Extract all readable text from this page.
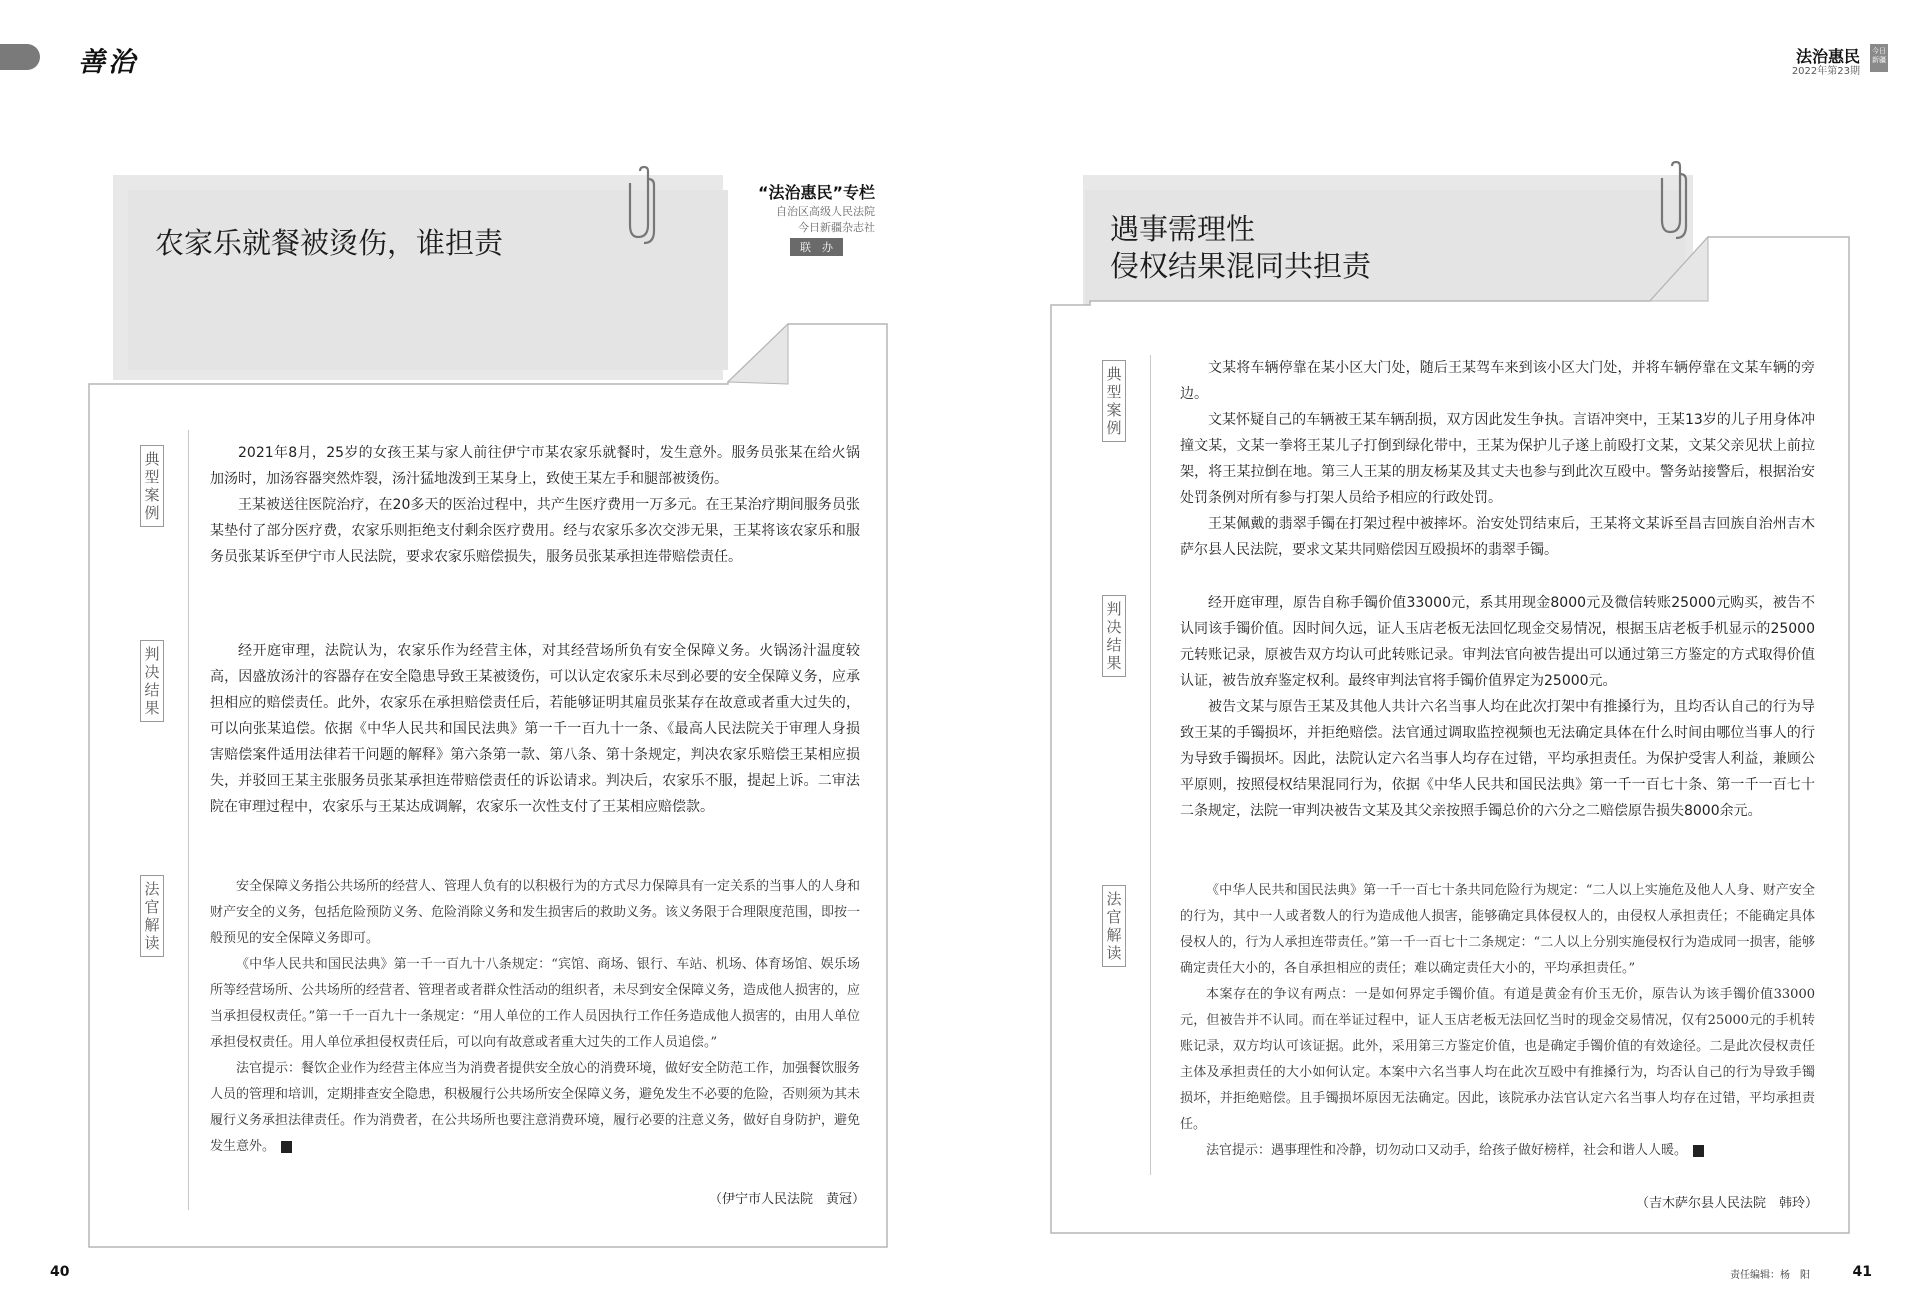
善治	法治惠民
2022年第23期
今日新疆
40	责任编辑：杨　阳	41
农家乐就餐被烫伤，谁担责
“法治惠民”专栏
自治区高级人民法院
今日新疆杂志社
联　办
典型案例
判决结果
法官解读

2021年8月，25岁的女孩王某与家人前往伊宁市某农家乐就餐时，发生意外。服务员张某在给火锅加汤时，加汤容器突然炸裂，汤汁猛地泼到王某身上，致使王某左手和腿部被烫伤。

王某被送往医院治疗，在20多天的医治过程中，共产生医疗费用一万多元。在王某治疗期间服务员张某垫付了部分医疗费，农家乐则拒绝支付剩余医疗费用。经与农家乐多次交涉无果，王某将该农家乐和服务员张某诉至伊宁市人民法院，要求农家乐赔偿损失，服务员张某承担连带赔偿责任。

经开庭审理，法院认为，农家乐作为经营主体，对其经营场所负有安全保障义务。火锅汤汁温度较高，因盛放汤汁的容器存在安全隐患导致王某被烫伤，可以认定农家乐未尽到必要的安全保障义务，应承担相应的赔偿责任。此外，农家乐在承担赔偿责任后，若能够证明其雇员张某存在故意或者重大过失的，可以向张某追偿。依据《中华人民共和国民法典》第一千一百九十一条、《最高人民法院关于审理人身损害赔偿案件适用法律若干问题的解释》第六条第一款、第八条、第十条规定，判决农家乐赔偿王某相应损失，并驳回王某主张服务员张某承担连带赔偿责任的诉讼请求。判决后，农家乐不服，提起上诉。二审法院在审理过程中，农家乐与王某达成调解，农家乐一次性支付了王某相应赔偿款。

安全保障义务指公共场所的经营人、管理人负有的以积极行为的方式尽力保障具有一定关系的当事人的人身和财产安全的义务，包括危险预防义务、危险消除义务和发生损害后的救助义务。该义务限于合理限度范围，即按一般预见的安全保障义务即可。

《中华人民共和国民法典》第一千一百九十八条规定：“宾馆、商场、银行、车站、机场、体育场馆、娱乐场所等经营场所、公共场所的经营者、管理者或者群众性活动的组织者，未尽到安全保障义务，造成他人损害的，应当承担侵权责任。”第一千一百九十一条规定：“用人单位的工作人员因执行工作任务造成他人损害的，由用人单位承担侵权责任。用人单位承担侵权责任后，可以向有故意或者重大过失的工作人员追偿。”

法官提示：餐饮企业作为经营主体应当为消费者提供安全放心的消费环境，做好安全防范工作，加强餐饮服务人员的管理和培训，定期排查安全隐患，积极履行公共场所安全保障义务，避免发生不必要的危险，否则须为其未履行义务承担法律责任。作为消费者，在公共场所也要注意消费环境，履行必要的注意义务，做好自身防护，避免发生意外。

（伊宁市人民法院　黄冠）
遇事需理性
侵权结果混同共担责
典型案例
判决结果
法官解读

文某将车辆停靠在某小区大门处，随后王某驾车来到该小区大门处，并将车辆停靠在文某车辆的旁边。

文某怀疑自己的车辆被王某车辆刮损，双方因此发生争执。言语冲突中，王某13岁的儿子用身体冲撞文某，文某一拳将王某儿子打倒到绿化带中，王某为保护儿子遂上前殴打文某，文某父亲见状上前拉架，将王某拉倒在地。第三人王某的朋友杨某及其丈夫也参与到此次互殴中。警务站接警后，根据治安处罚条例对所有参与打架人员给予相应的行政处罚。

王某佩戴的翡翠手镯在打架过程中被摔坏。治安处罚结束后，王某将文某诉至昌吉回族自治州吉木萨尔县人民法院，要求文某共同赔偿因互殴损坏的翡翠手镯。

经开庭审理，原告自称手镯价值33000元，系其用现金8000元及微信转账25000元购买，被告不认同该手镯价值。因时间久远，证人玉店老板无法回忆现金交易情况，根据玉店老板手机显示的25000元转账记录，原被告双方均认可此转账记录。审判法官向被告提出可以通过第三方鉴定的方式取得价值认证，被告放弃鉴定权利。最终审判法官将手镯价值界定为25000元。

被告文某与原告王某及其他人共计六名当事人均在此次打架中有推搡行为，且均否认自己的行为导致王某的手镯损坏，并拒绝赔偿。法官通过调取监控视频也无法确定具体在什么时间由哪位当事人的行为导致手镯损坏。因此，法院认定六名当事人均存在过错，平均承担责任。为保护受害人利益，兼顾公平原则，按照侵权结果混同行为，依据《中华人民共和国民法典》第一千一百七十条、第一千一百七十二条规定，法院一审判决被告文某及其父亲按照手镯总价的六分之二赔偿原告损失8000余元。

《中华人民共和国民法典》第一千一百七十条共同危险行为规定：“二人以上实施危及他人人身、财产安全的行为，其中一人或者数人的行为造成他人损害，能够确定具体侵权人的，由侵权人承担责任；不能确定具体侵权人的，行为人承担连带责任。”第一千一百七十二条规定：“二人以上分别实施侵权行为造成同一损害，能够确定责任大小的，各自承担相应的责任；难以确定责任大小的，平均承担责任。”

本案存在的争议有两点：一是如何界定手镯价值。有道是黄金有价玉无价，原告认为该手镯价值33000元，但被告并不认同。而在举证过程中，证人玉店老板无法回忆当时的现金交易情况，仅有25000元的手机转账记录，双方均认可该证据。此外，采用第三方鉴定价值，也是确定手镯价值的有效途径。二是此次侵权责任主体及承担责任的大小如何认定。本案中六名当事人均在此次互殴中有推搡行为，均否认自己的行为导致手镯损坏，并拒绝赔偿。且手镯损坏原因无法确定。因此，该院承办法官认定六名当事人均存在过错，平均承担责任。

法官提示：遇事理性和冷静，切勿动口又动手，给孩子做好榜样，社会和谐人人暖。

（吉木萨尔县人民法院　韩玲）
